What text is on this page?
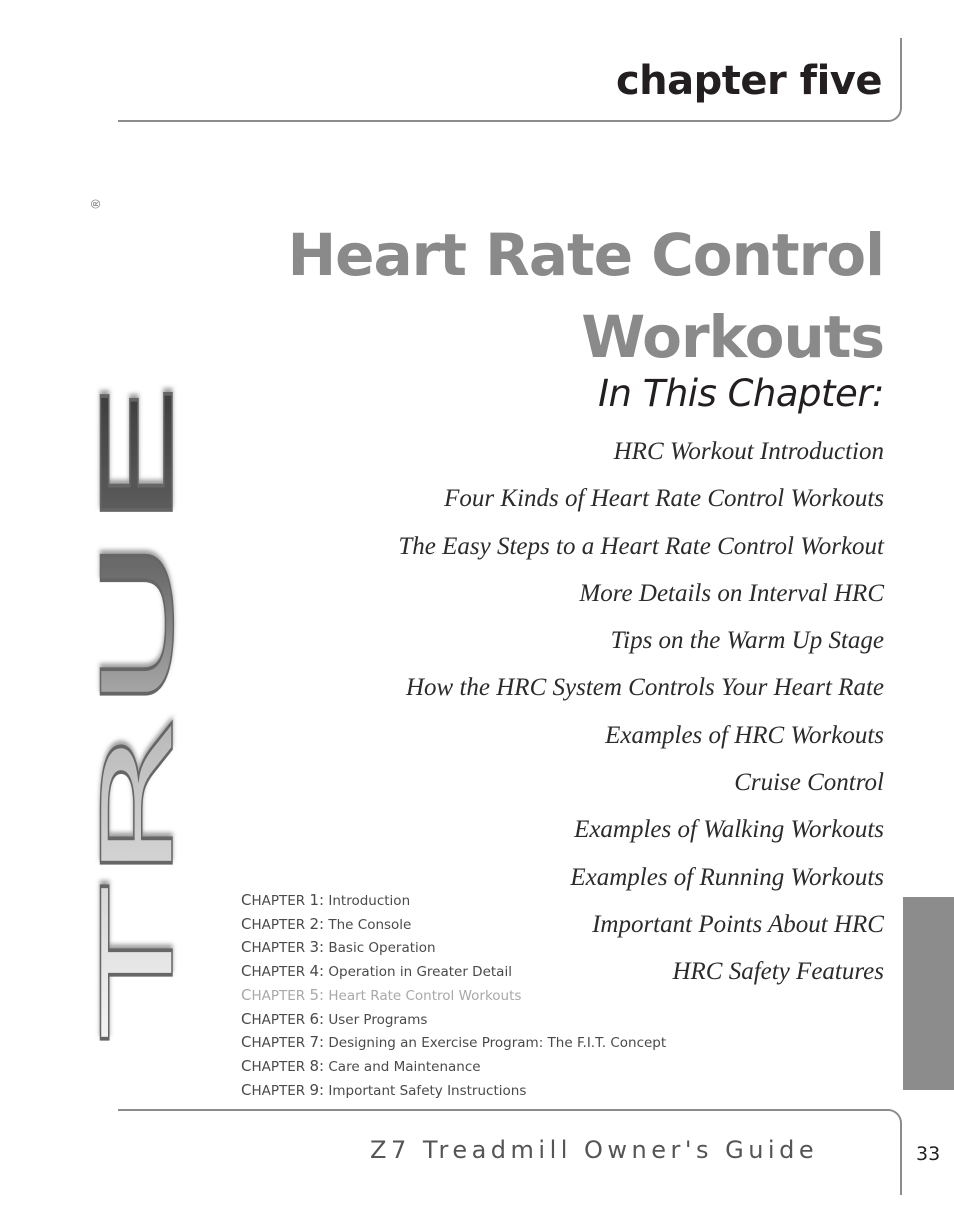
chapter five
Heart Rate Control
Workouts
In This Chapter:
HRC Workout Introduction
Four Kinds of Heart Rate Control Workouts
The Easy Steps to a Heart Rate Control Workout
More Details on Interval HRC
Tips on the Warm Up Stage
How the HRC System Controls Your Heart Rate
Examples of HRC Workouts
Cruise Control
Examples of Walking Workouts
Examples of Running Workouts
Important Points About HRC
HRC Safety Features
TRUE
®
CHAPTER 1: Introduction
CHAPTER 2: The Console
CHAPTER 3: Basic Operation
CHAPTER 4: Operation in Greater Detail
CHAPTER 5: Heart Rate Control Workouts
CHAPTER 6: User Programs
CHAPTER 7: Designing an Exercise Program: The F.I.T. Concept
CHAPTER 8: Care and Maintenance
CHAPTER 9: Important Safety Instructions
Z7 Treadmill Owner's Guide	33
